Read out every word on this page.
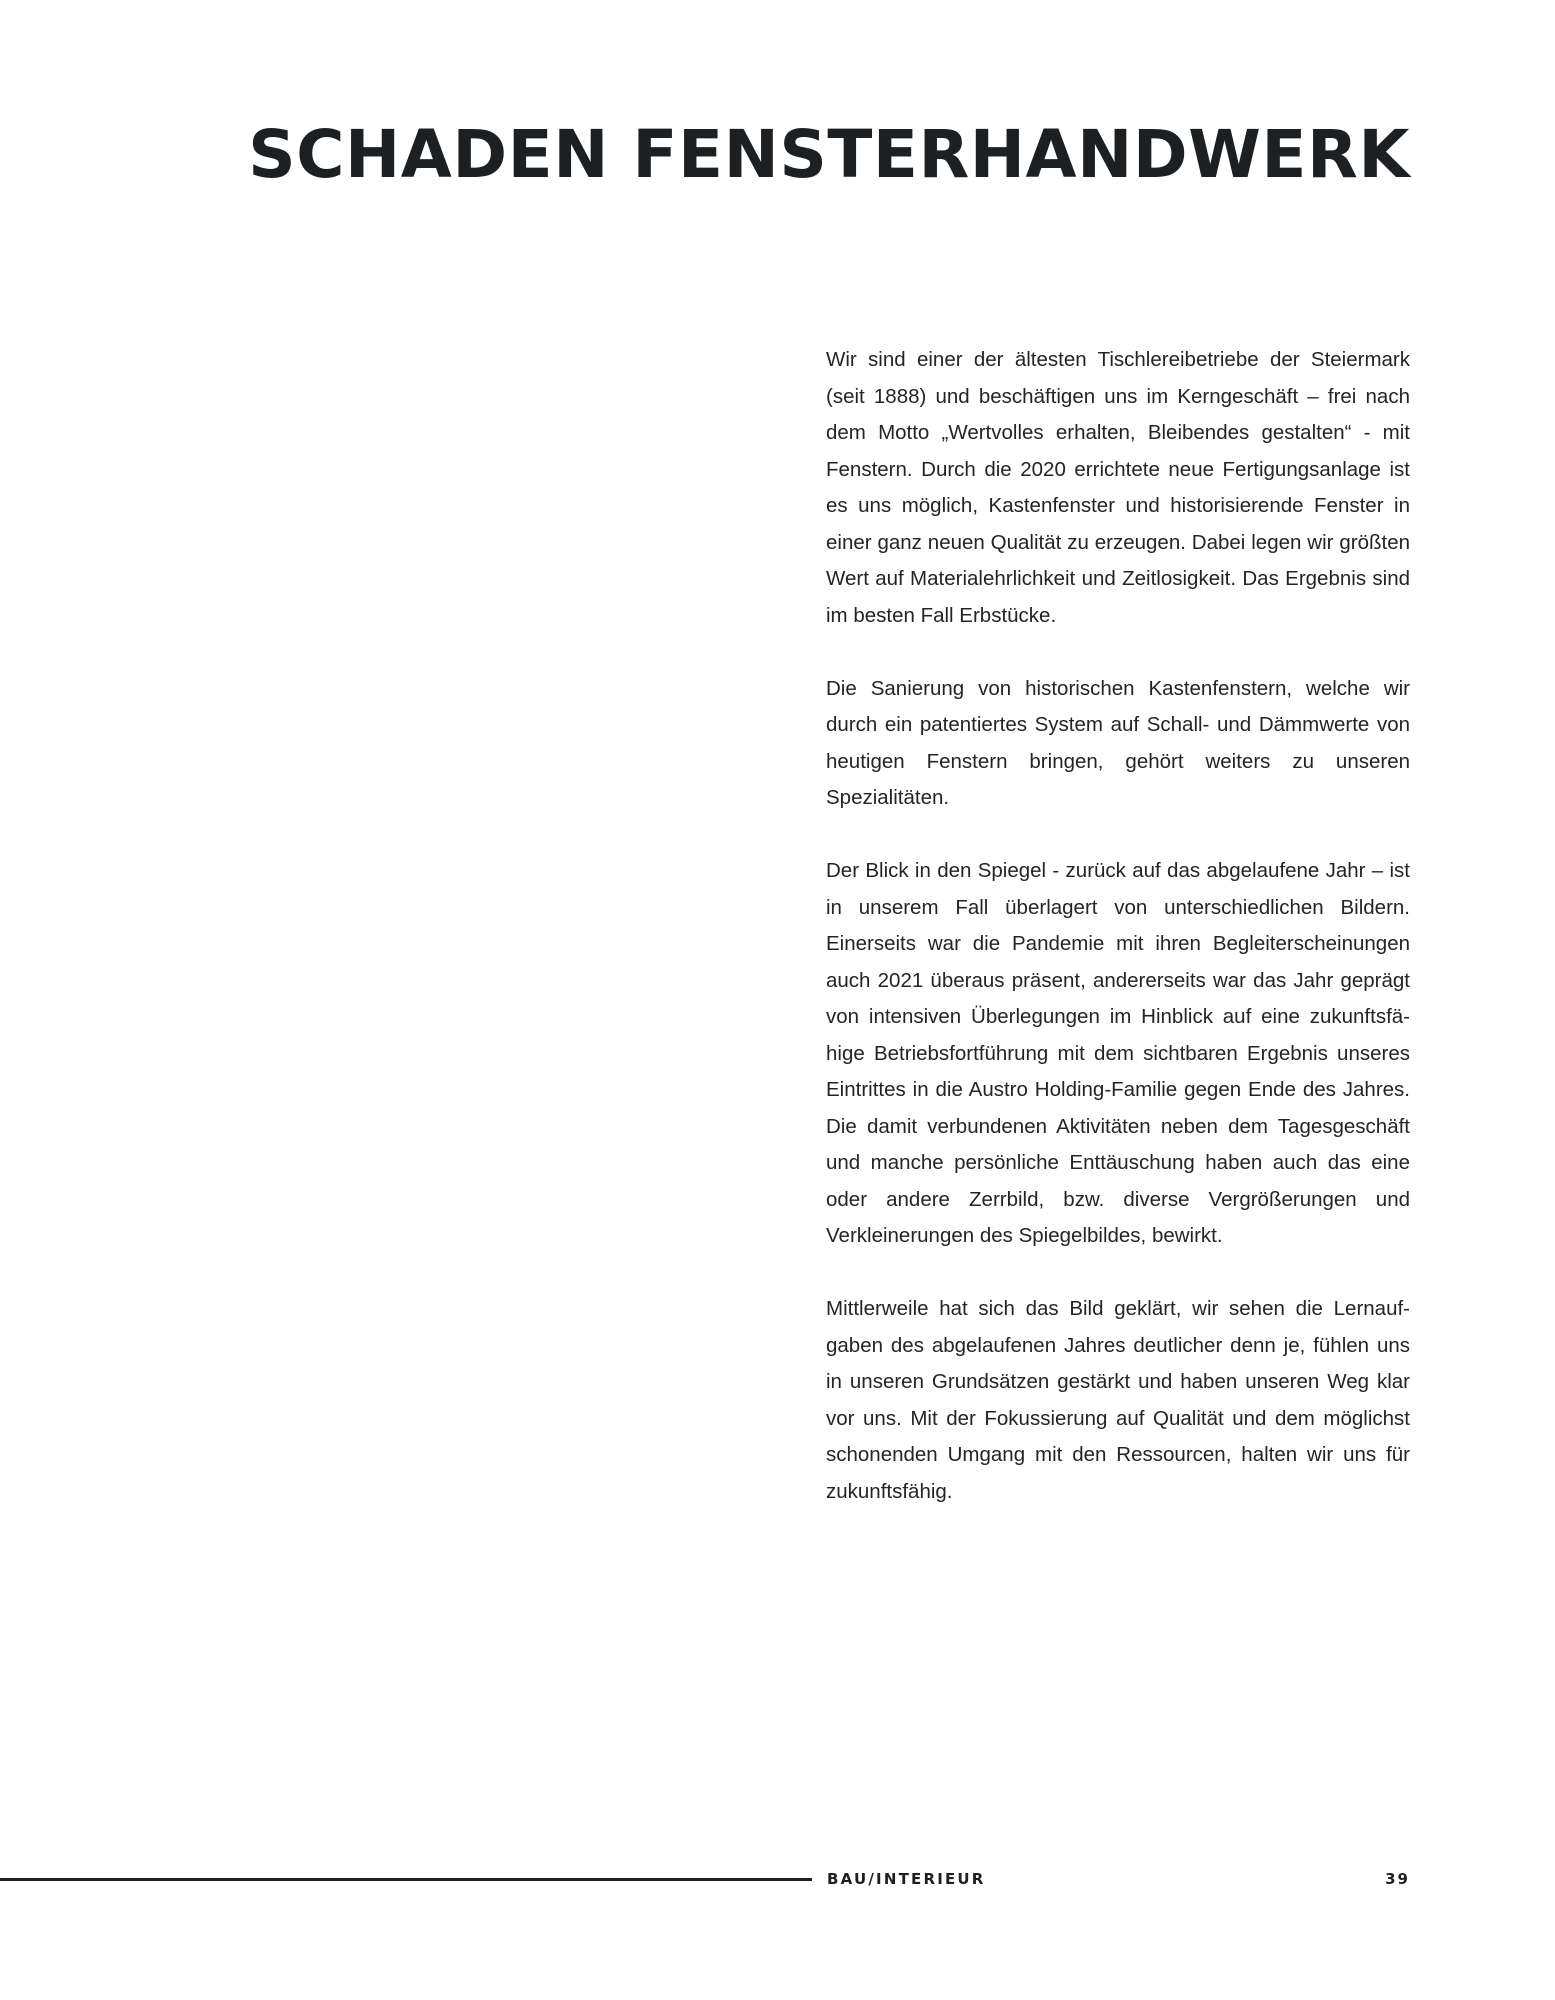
SCHADEN FENSTERHANDWERK

Wir sind einer der ältesten Tischlereibetriebe der Steiermark (seit 1888) und beschäftigen uns im Kerngeschäft – frei nach dem Motto „Wertvolles erhalten, Bleibendes gestalten“ - mit Fenstern. Durch die 2020 errichtete neue Fertigungsanlage ist es uns möglich, Kastenfenster und historisierende Fenster in einer ganz neuen Qualität zu erzeugen. Dabei legen wir größten Wert auf Materialehrlichkeit und Zeitlosigkeit. Das Ergebnis sind im besten Fall Erbstücke.

Die Sanierung von historischen Kastenfenstern, welche wir durch ein patentiertes System auf Schall- und Dämmwerte von heutigen Fenstern bringen, gehört weiters zu unseren Spezialitäten.

Der Blick in den Spiegel - zurück auf das abgelaufene Jahr – ist in unserem Fall überlagert von unterschiedlichen Bildern. Einerseits war die Pandemie mit ihren Begleiterscheinungen auch 2021 überaus präsent, andererseits war das Jahr geprägt von intensiven Überlegungen im Hinblick auf eine zukunftsfähige Betriebsfortführung mit dem sichtbaren Ergebnis unseres Eintrittes in die Austro Holding-Familie gegen Ende des Jahres. Die damit verbundenen Aktivitäten neben dem Tagesgeschäft und manche persönliche Enttäuschung haben auch das eine oder andere Zerrbild, bzw. diverse Vergrößerungen und Verkleinerungen des Spiegelbildes, bewirkt.

Mittlerweile hat sich das Bild geklärt, wir sehen die Lernaufgaben des abgelaufenen Jahres deutlicher denn je, fühlen uns in unseren Grundsätzen gestärkt und haben unseren Weg klar vor uns. Mit der Fokussierung auf Qualität und dem möglichst schonenden Umgang mit den Ressourcen, halten wir uns für zukunftsfähig.

BAU/INTERIEUR	39
